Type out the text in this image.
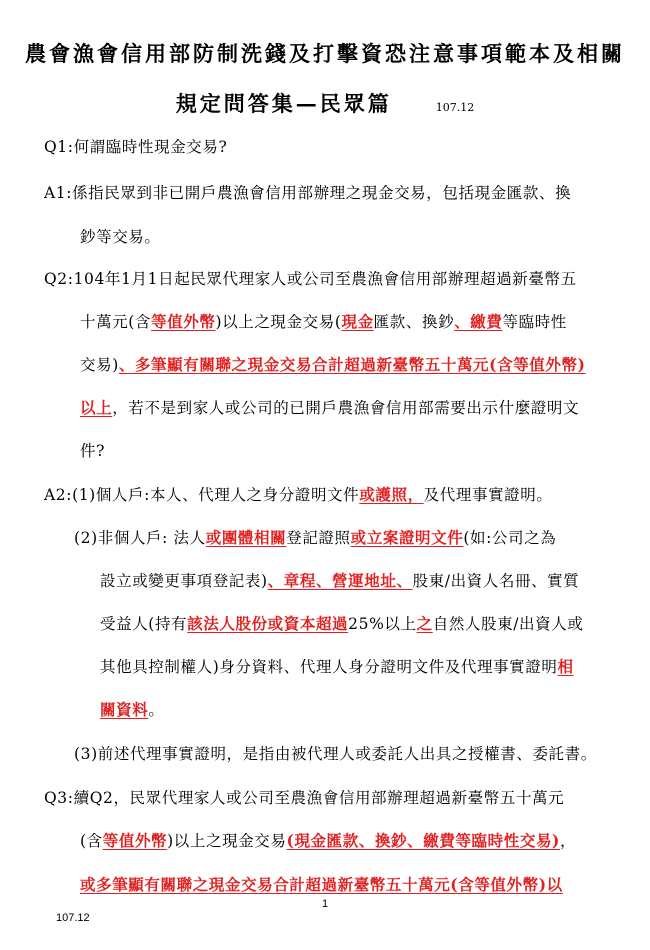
農會漁會信用部防制洗錢及打擊資恐注意事項範本及相關
規定問答集—民眾篇	107.12
Q1:何謂臨時性現金交易?
A1:係指民眾到非已開戶農漁會信用部辦理之現金交易，包括現金匯款、換
鈔等交易。
Q2:104年1月1日起民眾代理家人或公司至農漁會信用部辦理超過新臺幣五
十萬元(含等值外幣)以上之現金交易(現金匯款、換鈔、繳費等臨時性
交易)、多筆顯有關聯之現金交易合計超過新臺幣五十萬元(含等值外幣)
以上，若不是到家人或公司的已開戶農漁會信用部需要出示什麼證明文
件?
A2:(1)個人戶:本人、代理人之身分證明文件或護照，及代理事實證明。
(2)非個人戶: 法人或團體相關登記證照或立案證明文件(如:公司之為
設立或變更事項登記表)、章程、營運地址、股東/出資人名冊、實質
受益人(持有該法人股份或資本超過25%以上之自然人股東/出資人或
其他具控制權人)身分資料、代理人身分證明文件及代理事實證明相
關資料。
(3)前述代理事實證明，是指由被代理人或委託人出具之授權書、委託書。
Q3:續Q2，民眾代理家人或公司至農漁會信用部辦理超過新臺幣五十萬元
(含等值外幣)以上之現金交易(現金匯款、換鈔、繳費等臨時性交易)，
或多筆顯有關聯之現金交易合計超過新臺幣五十萬元(含等值外幣)以
1
107.12
